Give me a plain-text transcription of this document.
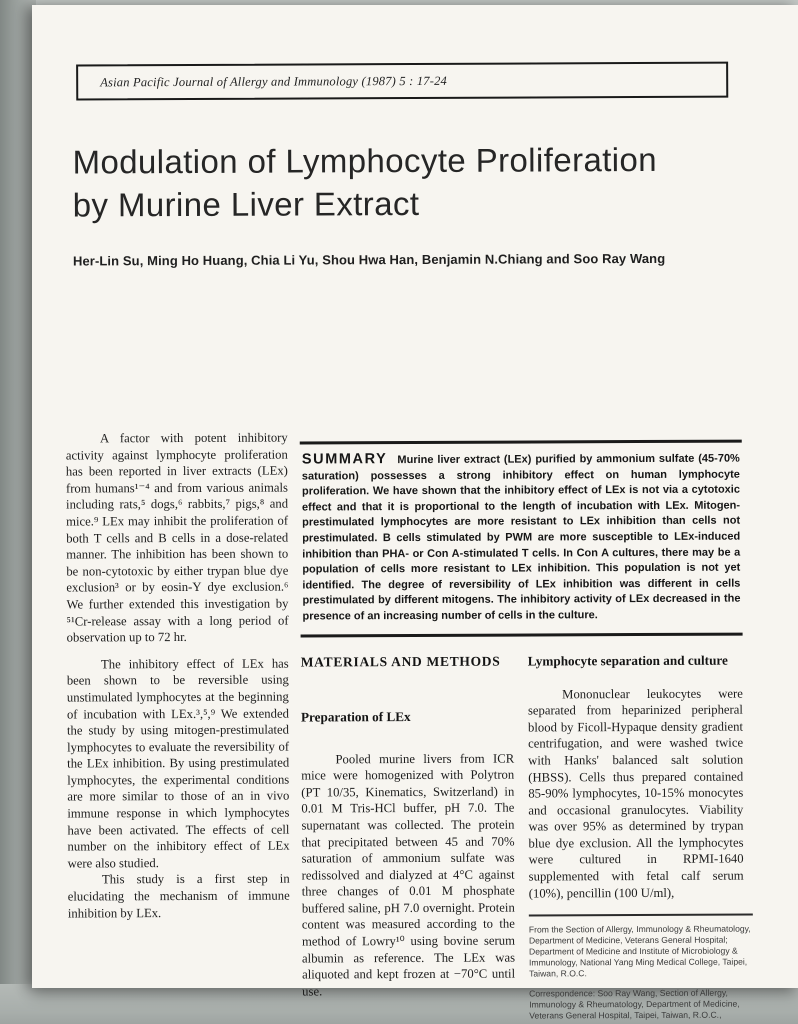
Asian Pacific Journal of Allergy and Immunology (1987) 5 : 17-24
Modulation of Lymphocyte Proliferation
by Murine Liver Extract
Her-Lin Su, Ming Ho Huang, Chia Li Yu, Shou Hwa Han, Benjamin N.Chiang and Soo Ray Wang

A factor with potent inhibitory activity against lymphocyte proliferation has been reported in liver extracts (LEx) from humans¹⁻⁴ and from various animals including rats,⁵ dogs,⁶ rabbits,⁷ pigs,⁸ and mice.⁹ LEx may inhibit the proliferation of both T cells and B cells in a dose-related manner. The inhibition has been shown to be non-cytotoxic by either trypan blue dye exclusion³ or by eosin-Y dye exclusion.⁶ We further extended this investigation by ⁵¹Cr-release assay with a long period of observation up to 72 hr.

The inhibitory effect of LEx has been shown to be reversible using unstimulated lymphocytes at the beginning of incubation with LEx.³,⁵,⁹ We extended the study by using mitogen-prestimulated lymphocytes to evaluate the reversibility of the LEx inhibition. By using prestimulated lymphocytes, the experimental conditions are more similar to those of an in vivo immune response in which lymphocytes have been activated. The effects of cell number on the inhibitory effect of LEx were also studied.

This study is a first step in elucidating the mechanism of immune inhibition by LEx.

SUMMARY Murine liver extract (LEx) purified by ammonium sulfate (45-70% saturation) possesses a strong inhibitory effect on human lymphocyte proliferation. We have shown that the inhibitory effect of LEx is not via a cytotoxic effect and that it is proportional to the length of incubation with LEx. Mitogen-prestimulated lymphocytes are more resistant to LEx inhibition than cells not prestimulated. B cells stimulated by PWM are more susceptible to LEx-induced inhibition than PHA- or Con A-stimulated T cells. In Con A cultures, there may be a population of cells more resistant to LEx inhibition. This population is not yet identified. The degree of reversibility of LEx inhibition was different in cells prestimulated by different mitogens. The inhibitory activity of LEx decreased in the presence of an increasing number of cells in the culture.
MATERIALS AND METHODS
Preparation of LEx

Pooled murine livers from ICR mice were homogenized with Polytron (PT 10/35, Kinematics, Switzerland) in 0.01 M Tris-HCl buffer, pH 7.0. The supernatant was collected. The protein that precipitated between 45 and 70% saturation of ammonium sulfate was redissolved and dialyzed at 4°C against three changes of 0.01 M phosphate buffered saline, pH 7.0 overnight. Protein content was measured according to the method of Lowry¹⁰ using bovine serum albumin as reference. The LEx was aliquoted and kept frozen at −70°C until use.

Lymphocyte separation and culture

Mononuclear leukocytes were separated from heparinized peripheral blood by Ficoll-Hypaque density gradient centrifugation, and were washed twice with Hanks' balanced salt solution (HBSS). Cells thus prepared contained 85-90% lymphocytes, 10-15% monocytes and occasional granulocytes. Viability was over 95% as determined by trypan blue dye exclusion. All the lymphocytes were cultured in RPMI-1640 supplemented with fetal calf serum (10%), pencillin (100 U/ml),

From the Section of Allergy, Immunology & Rheumatology, Department of Medicine, Veterans General Hospital; Department of Medicine and Institute of Microbiology & Immunology, National Yang Ming Medical College, Taipei, Taiwan, R.O.C.

Correspondence: Soo Ray Wang, Section of Allergy, Immunology & Rheumatology, Department of Medicine, Veterans General Hospital, Taipei, Taiwan, R.O.C.,
